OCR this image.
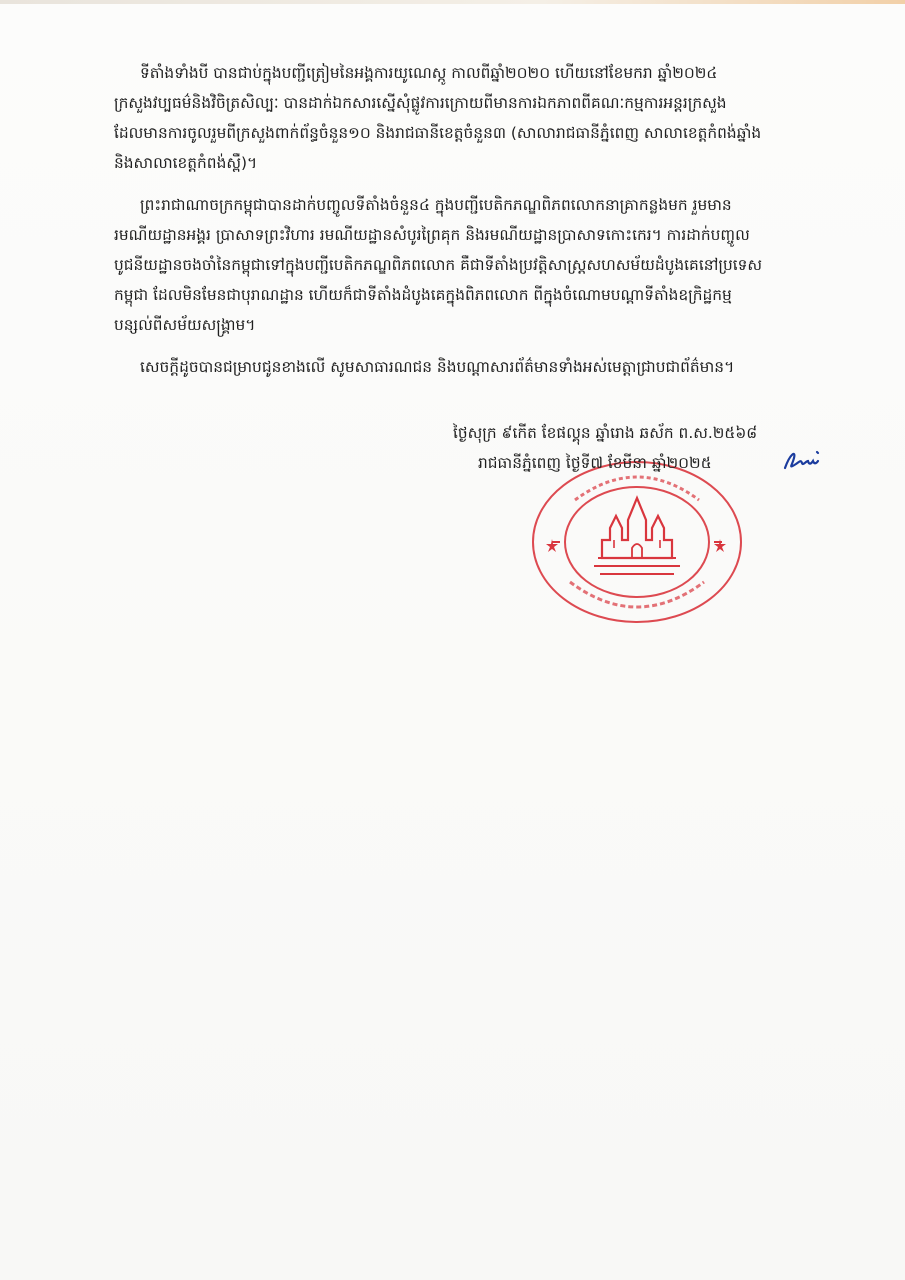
ទីតាំងទាំងបី បានជាប់ក្នុងបញ្ជីត្រៀមនៃអង្គការយូណេស្កូ កាលពីឆ្នាំ២០២០ ហើយនៅខែមករា ឆ្នាំ២០២៤
ក្រសួងវប្បធម៌និងវិចិត្រសិល្បៈ បានដាក់ឯកសារស្នើសុំផ្លូវការក្រោយពីមានការឯកភាពពីគណៈកម្មការអន្តរក្រសួង
ដែលមានការចូលរួមពីក្រសួងពាក់ព័ន្ធចំនួន១០ និងរាជធានីខេត្តចំនួន៣ (សាលារាជធានីភ្នំពេញ សាលាខេត្តកំពង់ឆ្នាំង
និងសាលាខេត្តកំពង់ស្ពឺ)។

ព្រះរាជាណាចក្រកម្ពុជាបានដាក់បញ្ចូលទីតាំងចំនួន៤ ក្នុងបញ្ជីបេតិកភណ្ឌពិភពលោកនាគ្រាកន្លងមក រួមមាន
រមណីយដ្ឋានអង្គរ ប្រាសាទព្រះវិហារ រមណីយដ្ឋានសំបូរព្រៃគុក និងរមណីយដ្ឋានប្រាសាទកោះកេរ។ ការដាក់បញ្ចូល
បូជនីយដ្ឋានចងចាំនៃកម្ពុជាទៅក្នុងបញ្ជីបេតិកភណ្ឌពិភពលោក គឺជាទីតាំងប្រវត្តិសាស្ត្រសហសម័យដំបូងគេនៅប្រទេស
កម្ពុជា ដែលមិនមែនជាបុរាណដ្ឋាន ហើយក៏ជាទីតាំងដំបូងគេក្នុងពិភពលោក ពីក្នុងចំណោមបណ្ដាទីតាំងឧក្រិដ្ឋកម្ម
បន្សល់ពីសម័យសង្គ្រាម។

សេចក្ដីដូចបានជម្រាបជូនខាងលើ សូមសាធារណជន និងបណ្ដាសារព័ត៌មានទាំងអស់មេត្តាជ្រាបជាព័ត៌មាន។

ថ្ងៃសុក្រ ៩កើត ខែផល្គុន ឆ្នាំរោង ឆស័ក ព.ស.២៥៦៨
រាជធានីភ្នំពេញ ថ្ងៃទី៧ ខែមីនា ឆ្នាំ២០២៥
